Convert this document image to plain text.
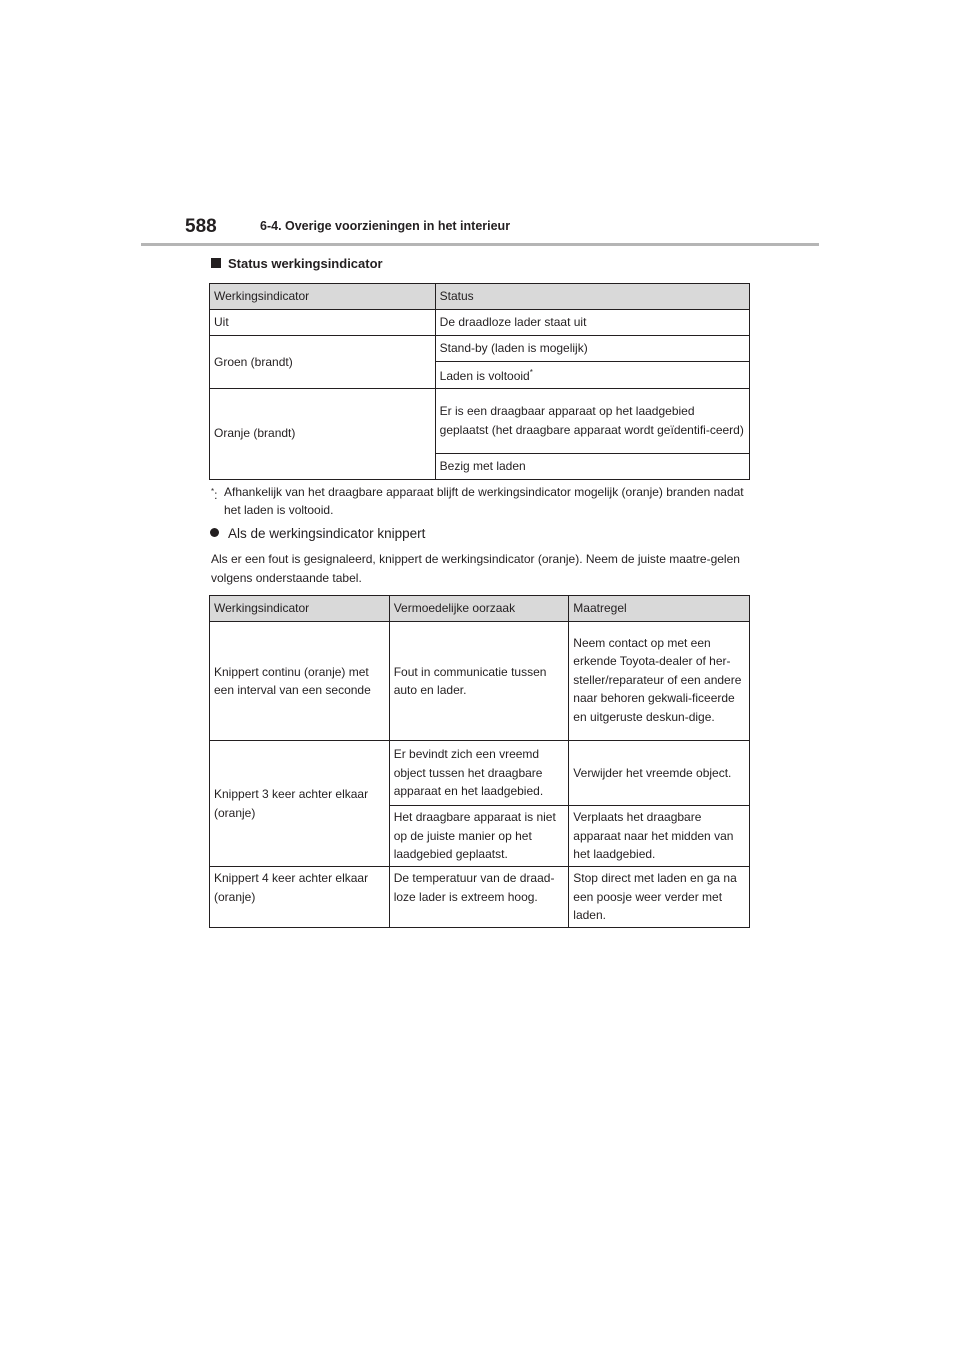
588	6-4. Overige voorzieningen in het interieur
Status werkingsindicator
Werkingsindicator	Status
Uit	De draadloze lader staat uit
Groen (brandt)	Stand-by (laden is mogelijk)
	Laden is voltooid*
Oranje (brandt)	Er is een draagbaar apparaat op het laadgebied geplaatst (het draagbare apparaat wordt geïdentifi-ceerd)
	Bezig met laden
*: Afhankelijk van het draagbare apparaat blijft de werkingsindicator mogelijk (oranje) branden nadat het laden is voltooid.
Als de werkingsindicator knippert
Als er een fout is gesignaleerd, knippert de werkingsindicator (oranje). Neem de juiste maatre-gelen volgens onderstaande tabel.
Werkingsindicator	Vermoedelijke oorzaak	Maatregel
Knippert continu (oranje) met een interval van een seconde	Fout in communicatie tussen auto en lader.	Neem contact op met een erkende Toyota-dealer of her-steller/reparateur of een andere naar behoren gekwali-ficeerde en uitgeruste deskun-dige.
Knippert 3 keer achter elkaar (oranje)	Er bevindt zich een vreemd object tussen het draagbare apparaat en het laadgebied.	Verwijder het vreemde object.
	Het draagbare apparaat is niet op de juiste manier op het laadgebied geplaatst.	Verplaats het draagbare apparaat naar het midden van het laadgebied.
Knippert 4 keer achter elkaar (oranje)	De temperatuur van de draad-loze lader is extreem hoog.	Stop direct met laden en ga na een poosje weer verder met laden.
